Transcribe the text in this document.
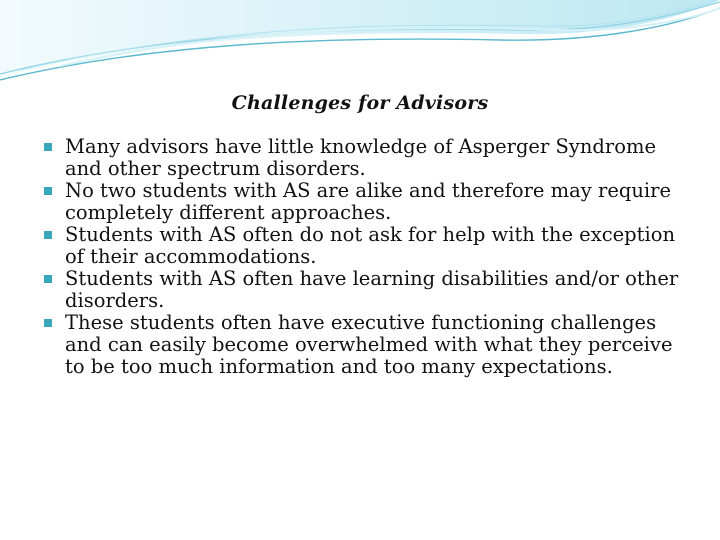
Challenges for Advisors
Many advisors have little knowledge of Asperger Syndrome and other spectrum disorders.
No two students with AS are alike and therefore may require completely different approaches.
Students with AS often do not ask for help with the exception of their accommodations.
Students with AS often have learning disabilities and/or other disorders.
These students often have executive functioning challenges and can easily become overwhelmed with what they perceive to be too much information and too many expectations.
